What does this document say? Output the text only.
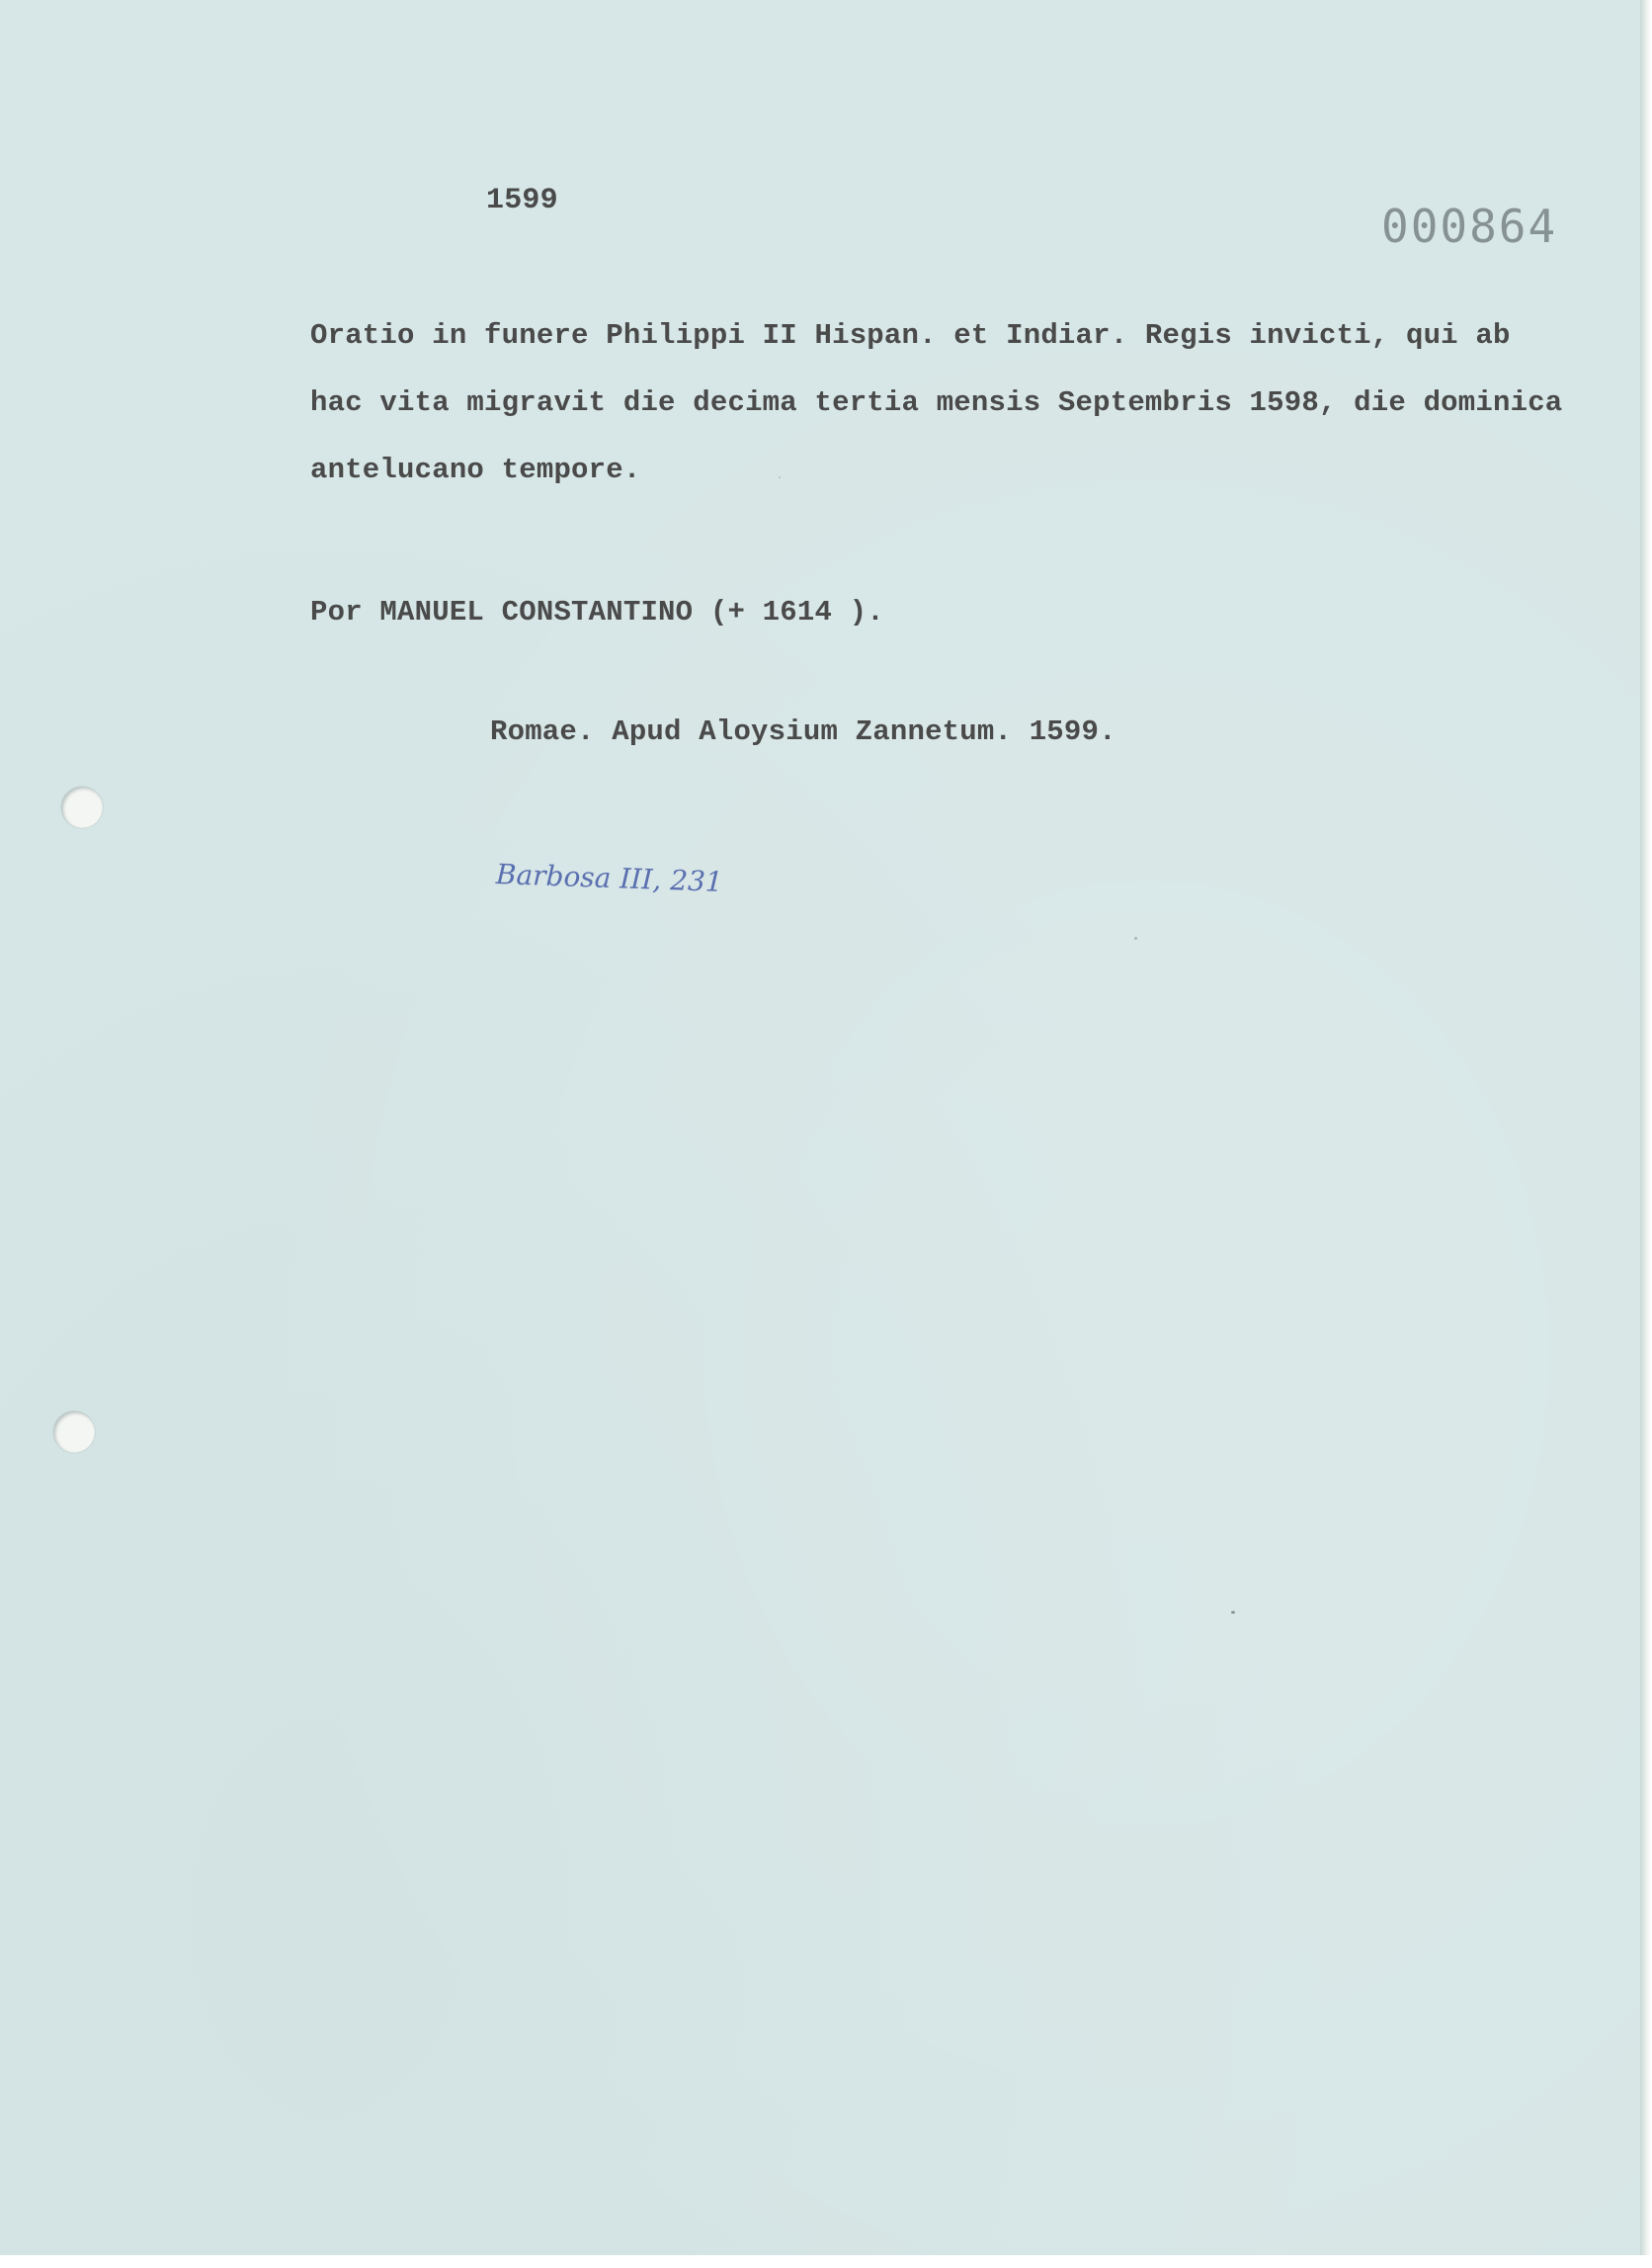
1599	000864
Oratio in funere Philippi II Hispan. et Indiar. Regis invicti, qui ab
hac vita migravit die decima tertia mensis Septembris 1598, die dominica
antelucano tempore.
Por MANUEL CONSTANTINO (+ 1614 ).
Romae. Apud Aloysium Zannetum. 1599.
Barbosa III, 231
